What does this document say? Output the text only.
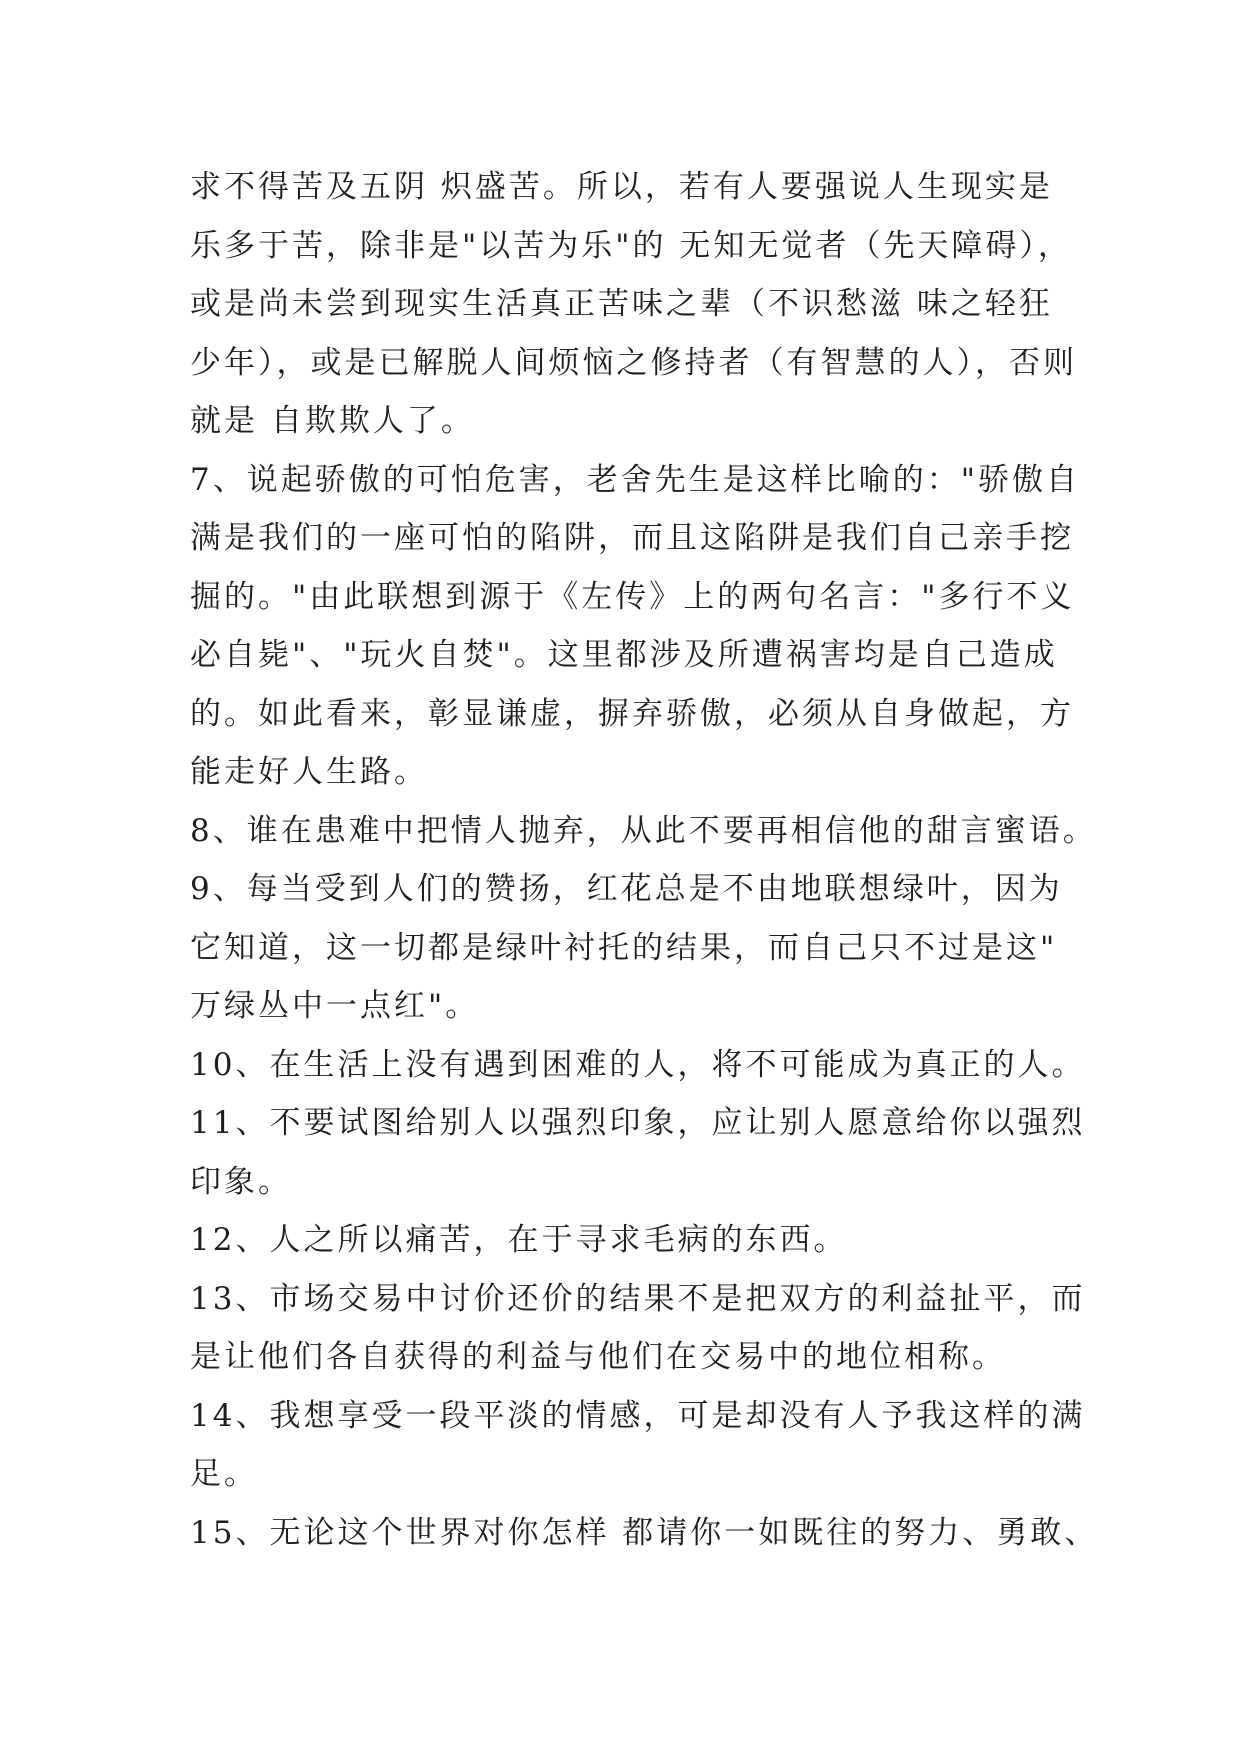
求不得苦及五阴 炽盛苦。所以，若有人要强说人生现实是
乐多于苦，除非是"以苦为乐"的 无知无觉者（先天障碍），
或是尚未尝到现实生活真正苦味之辈（不识愁滋 味之轻狂
少年），或是已解脱人间烦恼之修持者（有智慧的人），否则
就是 自欺欺人了。
7、说起骄傲的可怕危害，老舍先生是这样比喻的："骄傲自
满是我们的一座可怕的陷阱，而且这陷阱是我们自己亲手挖
掘的。"由此联想到源于《左传》上的两句名言："多行不义
必自毙"、"玩火自焚"。这里都涉及所遭祸害均是自己造成
的。如此看来，彰显谦虚，摒弃骄傲，必须从自身做起，方
能走好人生路。
8、谁在患难中把情人抛弃，从此不要再相信他的甜言蜜语。
9、每当受到人们的赞扬，红花总是不由地联想绿叶，因为
它知道，这一切都是绿叶衬托的结果，而自己只不过是这"
万绿丛中一点红"。
10、在生活上没有遇到困难的人，将不可能成为真正的人。
11、不要试图给别人以强烈印象，应让别人愿意给你以强烈
印象。
12、人之所以痛苦，在于寻求毛病的东西。
13、市场交易中讨价还价的结果不是把双方的利益扯平，而
是让他们各自获得的利益与他们在交易中的地位相称。
14、我想享受一段平淡的情感，可是却没有人予我这样的满
足。
15、无论这个世界对你怎样 都请你一如既往的努力、勇敢、
